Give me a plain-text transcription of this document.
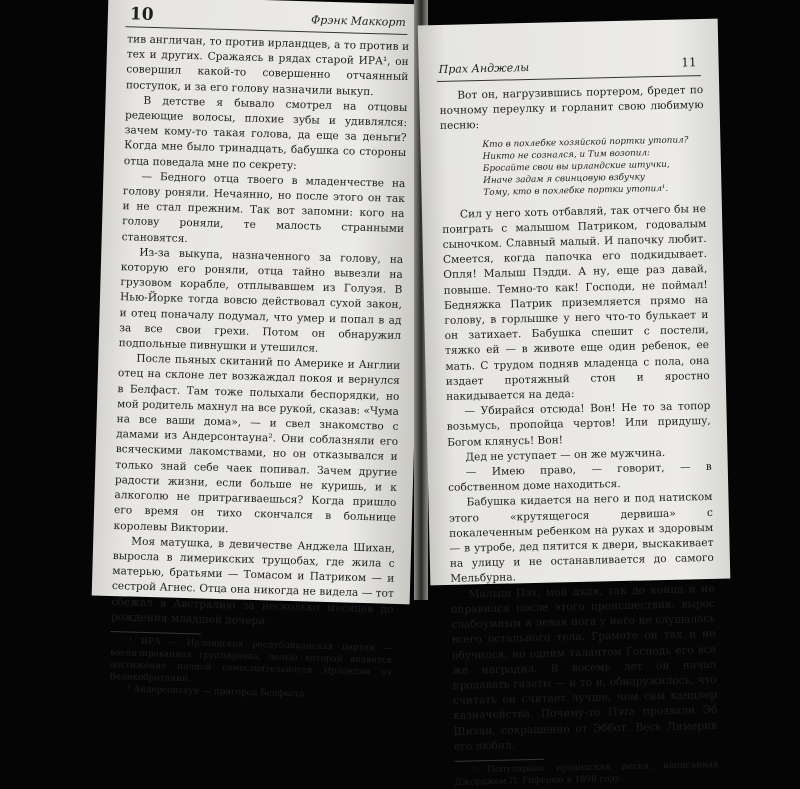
10	Фрэнк Маккорт

тив англичан, то против ирландцев, а то против и тех и других. Сражаясь в рядах старой ИРА¹, он совершил какой-то совершенно отчаянный поступок, и за его голову назначили выкуп.

В детстве я бывало смотрел на отцовы редеющие волосы, плохие зубы и удивлялся: зачем кому-то такая голова, да еще за деньги? Когда мне было тринадцать, бабушка со стороны отца поведала мне по секрету:

— Бедного отца твоего в младенчестве на голову роняли. Нечаянно, но после этого он так и не стал прежним. Так вот запомни: кого на голову роняли, те малость странными становятся.

Из-за выкупа, назначенного за голову, на которую его роняли, отца тайно вывезли на грузовом корабле, отплывавшем из Голуэя. В Нью-Йорке тогда вовсю действовал сухой закон, и отец поначалу подумал, что умер и попал в ад за все свои грехи. Потом он обнаружил подпольные пивнушки и утешился.

После пьяных скитаний по Америке и Англии отец на склоне лет возжаждал покоя и вернулся в Белфаст. Там тоже полыхали беспорядки, но мой родитель махнул на все рукой, сказав: «Чума на все ваши дома», — и свел знакомство с дамами из Андерсонтауна². Они соблазняли его всяческими лакомствами, но он отказывался и только знай себе чаек попивал. Зачем другие радости жизни, если больше не куришь, и к алкоголю не притрагиваешься? Когда пришло его время он тихо скончался в больнице королевы Виктории.

Моя матушка, в девичестве Анджела Шихан, выросла в лимерикских трущобах, где жила с матерью, братьями — Томасом и Патриком — и сестрой Агнес. Отца она никогда не видела — тот сбежал в Австралию за несколько месяцев до рождения младшей дочери.

¹ ИРА — Ирландская республиканская партия — военизированная группировка, целью которой является достижение полной самостоятельности Ирландии от Великобритании.

² Андерсонтаун — пригород Белфаста.

Прах Анджелы	11

Вот он, нагрузившись портером, бредет по ночному переулку и горланит свою любимую песню:

Кто в похлебке хозяйской портки утопил?
Никто не сознался, и Тим возопил:
Бросайте свои вы ирландские штучки,
Иначе задам я свинцовую взбучку
Тому, кто в похлебке портки утопил¹.

Сил у него хоть отбавляй, так отчего бы не поиграть с малышом Патриком, годовалым сыночком. Славный малый. И папочку любит. Смеется, когда папочка его подкидывает. Опля! Малыш Пэдди. А ну, еще раз давай, повыше. Темно-то как! Господи, не поймал! Бедняжка Патрик приземляется прямо на голову, в горлышке у него что-то булькает и он затихает. Бабушка спешит с постели, тяжко ей — в животе еще один ребенок, ее мать. С трудом подняв младенца с пола, она издает протяжный стон и яростно накидывается на деда:

— Убирайся отсюда! Вон! Не то за топор возьмусь, пропойца чертов! Или придушу, Богом клянусь! Вон!

Дед не уступает — он же мужчина.

— Имею право, — говорит, — в собственном доме находиться.

Бабушка кидается на него и под натиском этого «крутящегося дервиша» с покалеченным ребенком на руках и здоровым — в утробе, дед пятится к двери, выскакивает на улицу и не останавливается до самого Мельбурна.

Малыш Пэт, мой дядя, так до конца и не оправился после этого происшествия: вырос слабоумным и левая нога у него не слушалась всего остального тела. Грамоте он так и не обучился, но одним талантом Господь его все же наградил. В восемь лет он начал продавать газеты — и то и, обнаружилось, что считать он считает лучше, чем сам канцлер казначейства. Почему-то Пэта прозвали Эб Шихан, сокращенно от Эббот. Весь Лимерик его любил.

¹ Популярная ирландская песня, написанная Джорджем Л. Гифером в 1898 году.
